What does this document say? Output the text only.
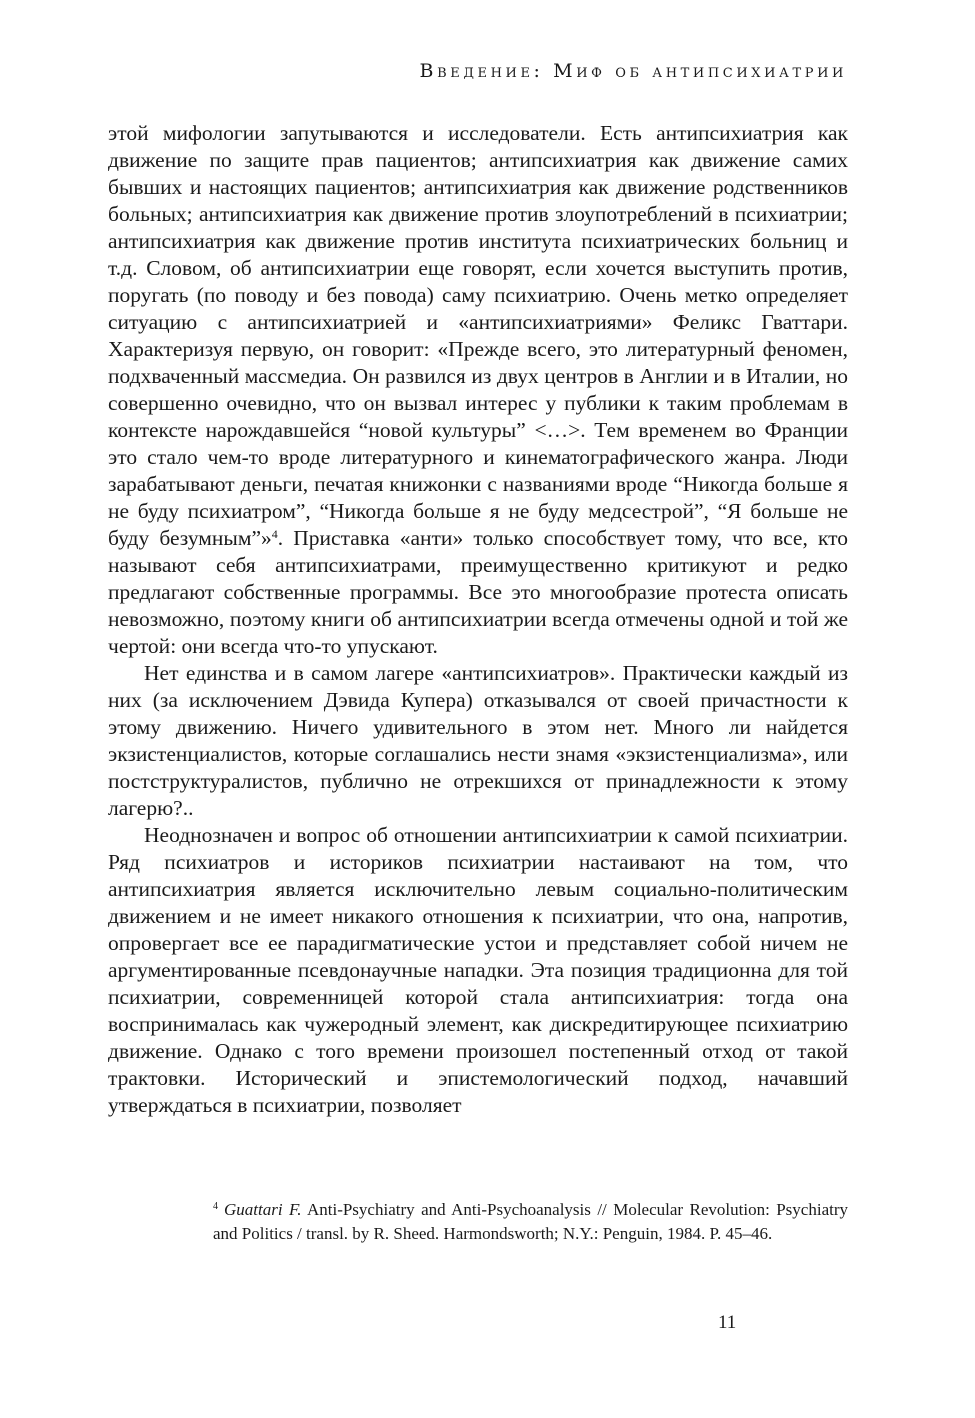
Введение: Миф об антипсихиатрии

этой мифологии запутываются и исследователи. Есть антипсихиатрия как движение по защите прав пациентов; антипсихиатрия как движение самих бывших и настоящих пациентов; антипсихиатрия как движение родственников больных; антипсихиатрия как движение против злоупотреблений в психиатрии; антипсихиатрия как движение против института психиатрических больниц и т.д. Словом, об антипсихиатрии еще говорят, если хочется выступить против, поругать (по поводу и без повода) саму психиатрию. Очень метко определяет ситуацию с антипсихиатрией и «антипсихиатриями» Феликс Гваттари. Характеризуя первую, он говорит: «Прежде всего, это литературный феномен, подхваченный массмедиа. Он развился из двух центров в Англии и в Италии, но совершенно очевидно, что он вызвал интерес у публики к таким проблемам в контексте нарождавшейся “новой культуры” <…>. Тем временем во Франции это стало чем-то вроде литературного и кинематографического жанра. Люди зарабатывают деньги, печатая книжонки с названиями вроде “Никогда больше я не буду психиатром”, “Никогда больше я не буду медсестрой”, “Я больше не буду безумным”»$^4$. Приставка «анти» только способствует тому, что все, кто называют себя антипсихиатрами, преимущественно критикуют и редко предлагают собственные программы. Все это многообразие протеста описать невозможно, поэтому книги об антипсихиатрии всегда отмечены одной и той же чертой: они всегда что-то упускают.

Нет единства и в самом лагере «антипсихиатров». Практически каждый из них (за исключением Дэвида Купера) отказывался от своей причастности к этому движению. Ничего удивительного в этом нет. Много ли найдется экзистенциалистов, которые соглашались нести знамя «экзистенциализма», или постструктуралистов, публично не отрекшихся от принадлежности к этому лагерю?..

Неоднозначен и вопрос об отношении антипсихиатрии к самой психиатрии. Ряд психиатров и историков психиатрии настаивают на том, что антипсихиатрия является исключительно левым социально-политическим движением и не имеет никакого отношения к психиатрии, что она, напротив, опровергает все ее парадигматические устои и представляет собой ничем не аргументированные псевдонаучные нападки. Эта позиция традиционна для той психиатрии, современницей которой стала антипсихиатрия: тогда она воспринималась как чужеродный элемент, как дискредитирующее психиатрию движение. Однако с того времени произошел постепенный отход от такой трактовки. Исторический и эпистемологический подход, начавший утверждаться в психиатрии, позволяет

$^4$ Guattari F. Anti-Psychiatry and Anti-Psychoanalysis // Molecular Revolution: Psychiatry and Politics / transl. by R. Sheed. Harmondsworth; N.Y.: Penguin, 1984. P. 45–46.
11
